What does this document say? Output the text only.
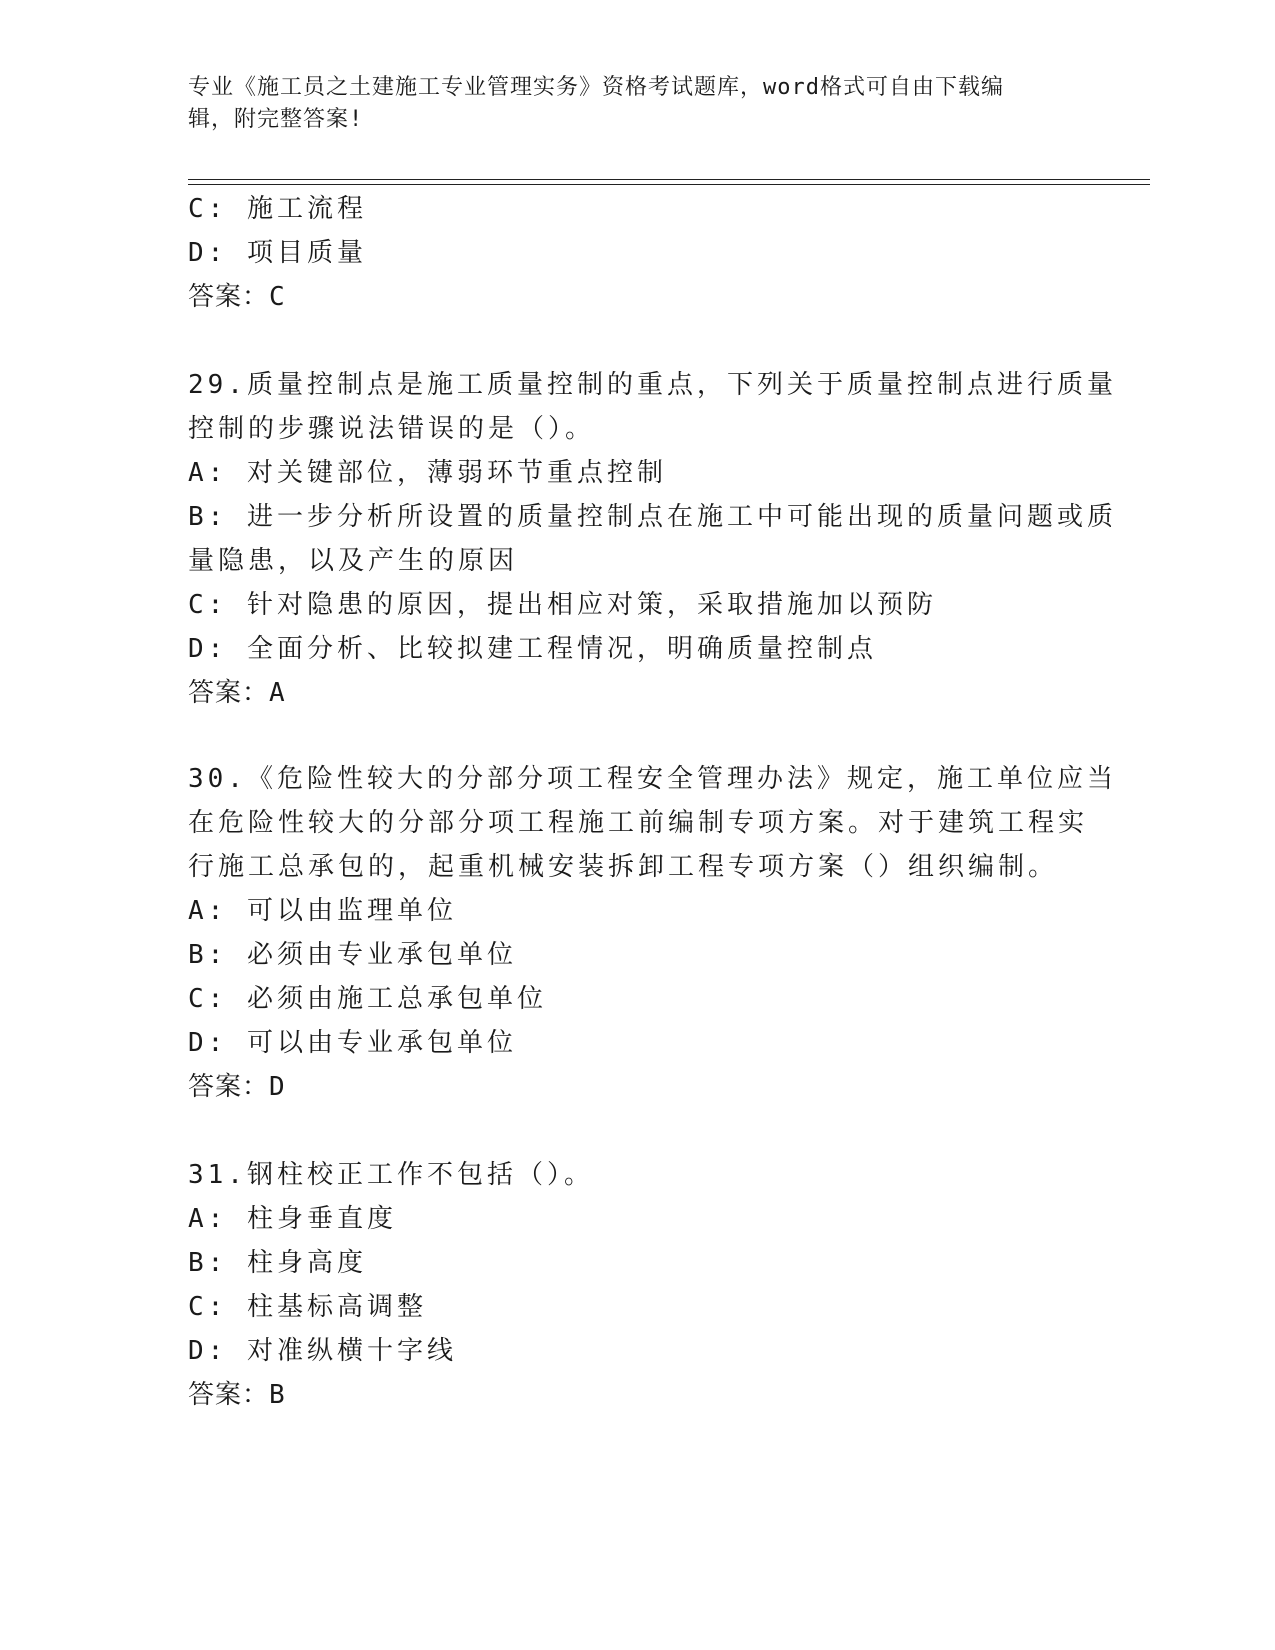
专业《施工员之土建施工专业管理实务》资格考试题库，word格式可自由下载编
辑，附完整答案!
C: 施工流程
D: 项目质量
答案：C
29.质量控制点是施工质量控制的重点，下列关于质量控制点进行质量
控制的步骤说法错误的是（）。
A: 对关键部位，薄弱环节重点控制
B: 进一步分析所设置的质量控制点在施工中可能出现的质量问题或质
量隐患，以及产生的原因
C: 针对隐患的原因，提出相应对策，采取措施加以预防
D: 全面分析、比较拟建工程情况，明确质量控制点
答案：A
30.《危险性较大的分部分项工程安全管理办法》规定，施工单位应当
在危险性较大的分部分项工程施工前编制专项方案。对于建筑工程实
行施工总承包的，起重机械安装拆卸工程专项方案（）组织编制。
A: 可以由监理单位
B: 必须由专业承包单位
C: 必须由施工总承包单位
D: 可以由专业承包单位
答案：D
31.钢柱校正工作不包括（）。
A: 柱身垂直度
B: 柱身高度
C: 柱基标高调整
D: 对准纵横十字线
答案：B
